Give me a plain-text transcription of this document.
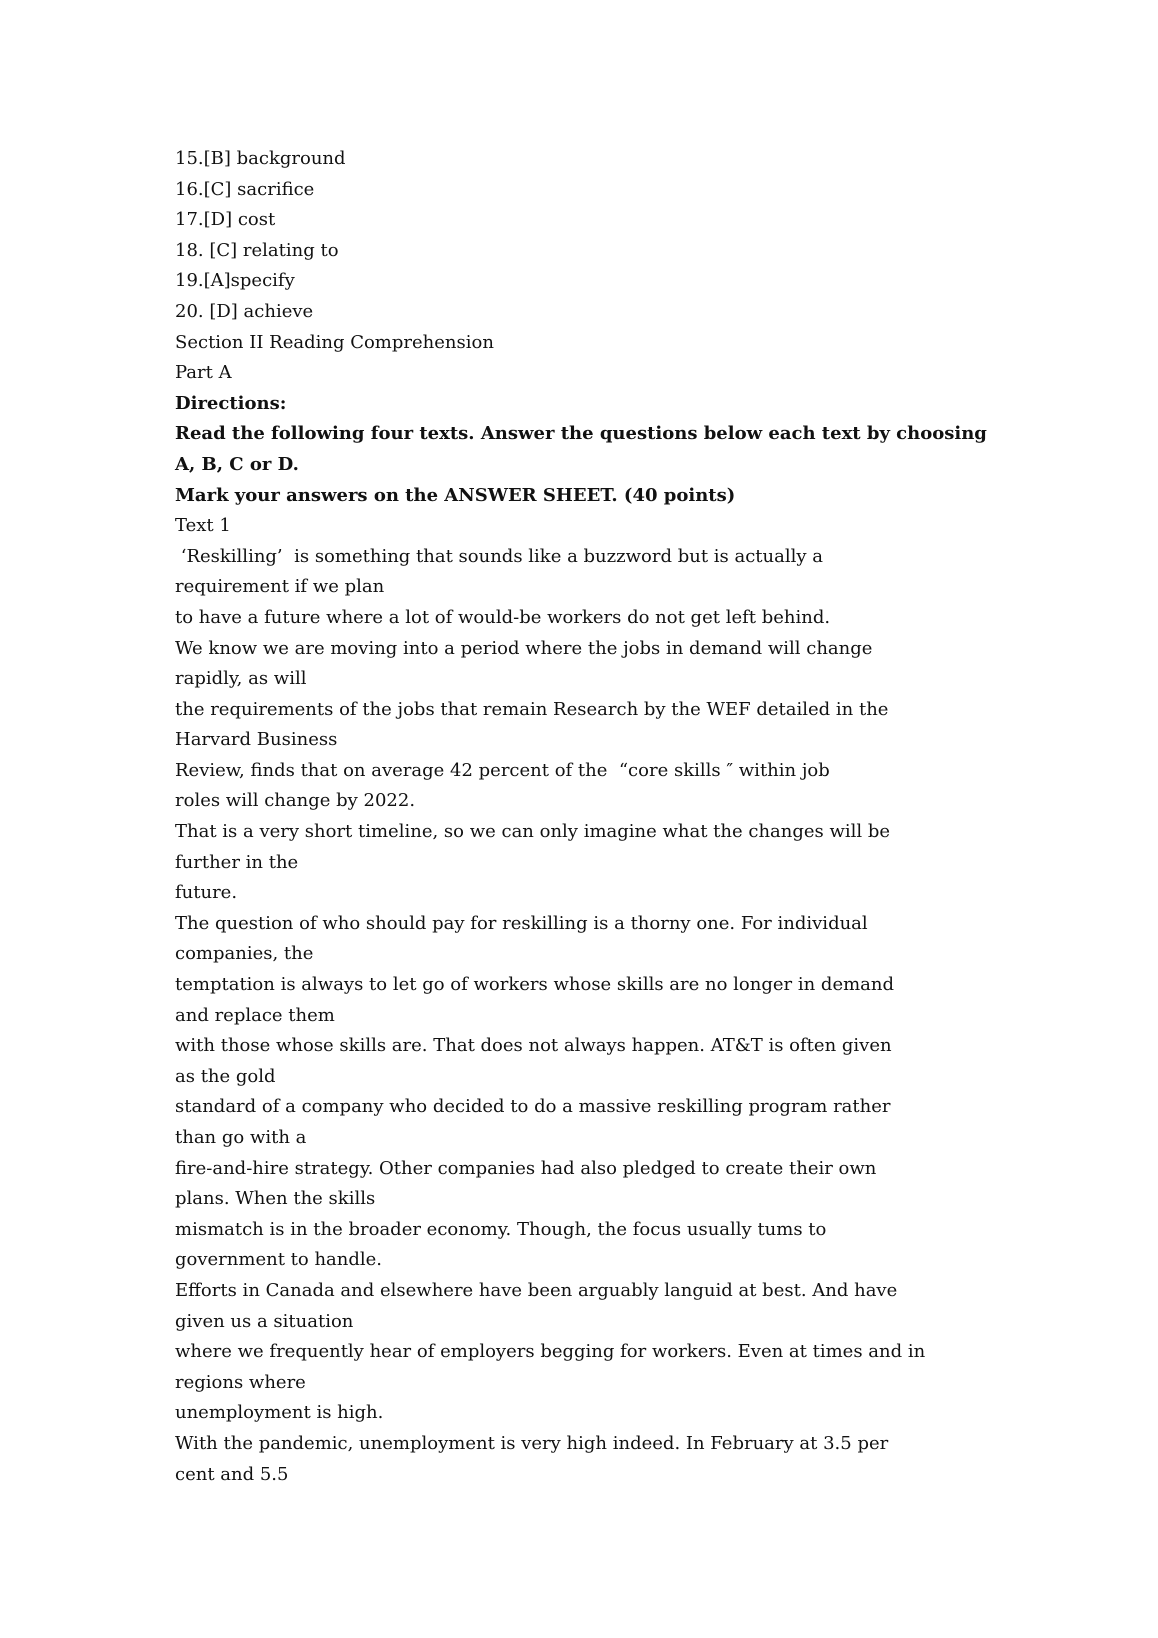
15.[B] background
16.[C] sacrifice
17.[D] cost
18. [C] relating to
19.[A]specify
20. [D] achieve
Section II Reading Comprehension
Part A
Directions:
Read the following four texts. Answer the questions below each text by choosing
A, B, C or D.
Mark your answers on the ANSWER SHEET. (40 points)
Text 1
‘Reskilling’  is something that sounds like a buzzword but is actually a
requirement if we plan
to have a future where a lot of would-be workers do not get left behind.
We know we are moving into a period where the jobs in demand will change
rapidly, as will
the requirements of the jobs that remain Research by the WEF detailed in the
Harvard Business
Review, finds that on average 42 percent of the  “core skills ″ within job
roles will change by 2022.
That is a very short timeline, so we can only imagine what the changes will be
further in the
future.
The question of who should pay for reskilling is a thorny one. For individual
companies, the
temptation is always to let go of workers whose skills are no longer in demand
and replace them
with those whose skills are. That does not always happen. AT&T is often given
as the gold
standard of a company who decided to do a massive reskilling program rather
than go with a
fire-and-hire strategy. Other companies had also pledged to create their own
plans. When the skills
mismatch is in the broader economy. Though, the focus usually tums to
government to handle.
Efforts in Canada and elsewhere have been arguably languid at best. And have
given us a situation
where we frequently hear of employers begging for workers. Even at times and in
regions where
unemployment is high.
With the pandemic, unemployment is very high indeed. In February at 3.5 per
cent and 5.5
